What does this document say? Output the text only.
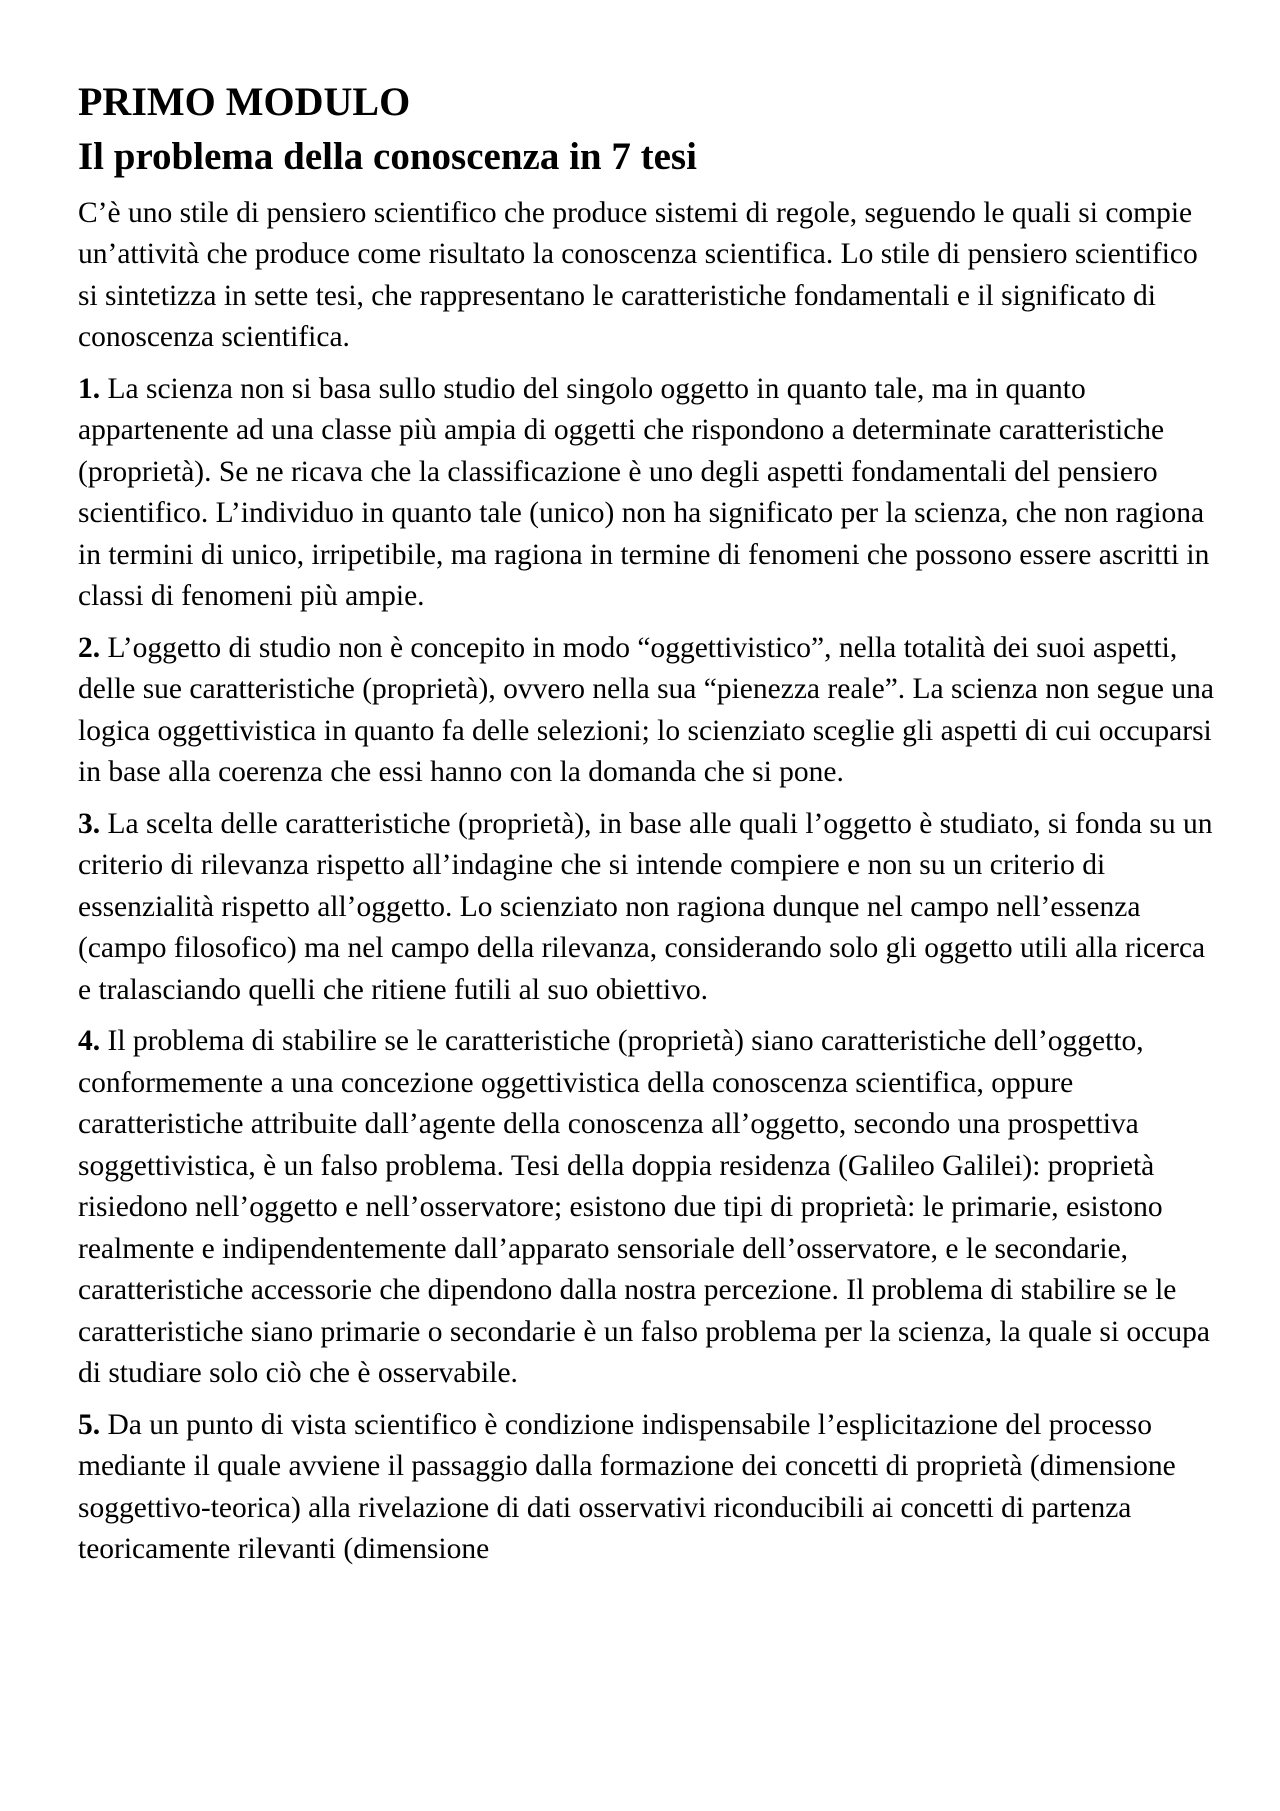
PRIMO MODULO
Il problema della conoscenza in 7 tesi

C’è uno stile di pensiero scientifico che produce sistemi di regole, seguendo le quali si compie un’attività che produce come risultato la conoscenza scientifica. Lo stile di pensiero scientifico si sintetizza in sette tesi, che rappresentano le caratteristiche fondamentali e il significato di conoscenza scientifica.

1. La scienza non si basa sullo studio del singolo oggetto in quanto tale, ma in quanto appartenente ad una classe più ampia di oggetti che rispondono a determinate caratteristiche (proprietà). Se ne ricava che la classificazione è uno degli aspetti fondamentali del pensiero scientifico. L’individuo in quanto tale (unico) non ha significato per la scienza, che non ragiona in termini di unico, irripetibile, ma ragiona in termine di fenomeni che possono essere ascritti in classi di fenomeni più ampie.

2. L’oggetto di studio non è concepito in modo “oggettivistico”, nella totalità dei suoi aspetti, delle sue caratteristiche (proprietà), ovvero nella sua “pienezza reale”. La scienza non segue una logica oggettivistica in quanto fa delle selezioni; lo scienziato sceglie gli aspetti di cui occuparsi in base alla coerenza che essi hanno con la domanda che si pone.

3. La scelta delle caratteristiche (proprietà), in base alle quali l’oggetto è studiato, si fonda su un criterio di rilevanza rispetto all’indagine che si intende compiere e non su un criterio di essenzialità rispetto all’oggetto. Lo scienziato non ragiona dunque nel campo nell’essenza (campo filosofico) ma nel campo della rilevanza, considerando solo gli oggetto utili alla ricerca e tralasciando quelli che ritiene futili al suo obiettivo.

4. Il problema di stabilire se le caratteristiche (proprietà) siano caratteristiche dell’oggetto, conformemente a una concezione oggettivistica della conoscenza scientifica, oppure caratteristiche attribuite dall’agente della conoscenza all’oggetto, secondo una prospettiva soggettivistica, è un falso problema. Tesi della doppia residenza (Galileo Galilei): proprietà risiedono nell’oggetto e nell’osservatore; esistono due tipi di proprietà: le primarie, esistono realmente e indipendentemente dall’apparato sensoriale dell’osservatore, e le secondarie, caratteristiche accessorie che dipendono dalla nostra percezione. Il problema di stabilire se le caratteristiche siano primarie o secondarie è un falso problema per la scienza, la quale si occupa di studiare solo ciò che è osservabile.

5. Da un punto di vista scientifico è condizione indispensabile l’esplicitazione del processo mediante il quale avviene il passaggio dalla formazione dei concetti di proprietà (dimensione soggettivo-teorica) alla rivelazione di dati osservativi riconducibili ai concetti di partenza teoricamente rilevanti (dimensione
